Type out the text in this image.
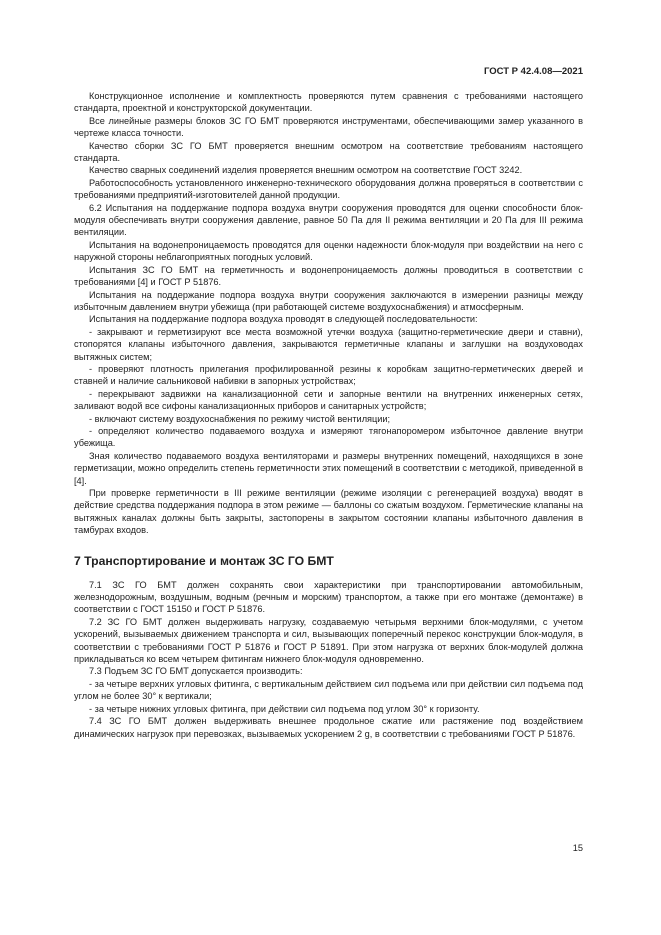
ГОСТ Р 42.4.08—2021

Конструкционное исполнение и комплектность проверяются путем сравнения с требованиями настоящего стандарта, проектной и конструкторской документации.

Все линейные размеры блоков ЗС ГО БМТ проверяются инструментами, обеспечивающими замер указанного в чертеже класса точности.

Качество сборки ЗС ГО БМТ проверяется внешним осмотром на соответствие требованиям настоящего стандарта.

Качество сварных соединений изделия проверяется внешним осмотром на соответствие ГОСТ 3242.

Работоспособность установленного инженерно-технического оборудования должна проверяться в соответствии с требованиями предприятий-изготовителей данной продукции.

6.2 Испытания на поддержание подпора воздуха внутри сооружения проводятся для оценки способности блок-модуля обеспечивать внутри сооружения давление, равное 50 Па для II режима вентиляции и 20 Па для III режима вентиляции.

Испытания на водонепроницаемость проводятся для оценки надежности блок-модуля при воздействии на него с наружной стороны неблагоприятных погодных условий.

Испытания ЗС ГО БМТ на герметичность и водонепроницаемость должны проводиться в соответствии с требованиями [4] и ГОСТ Р 51876.

Испытания на поддержание подпора воздуха внутри сооружения заключаются в измерении разницы между избыточным давлением внутри убежища (при работающей системе воздухоснабжения) и атмосферным.

Испытания на поддержание подпора воздуха проводят в следующей последовательности:

- закрывают и герметизируют все места возможной утечки воздуха (защитно-герметические двери и ставни), стопорятся клапаны избыточного давления, закрываются герметичные клапаны и заглушки на воздуховодах вытяжных систем;

- проверяют плотность прилегания профилированной резины к коробкам защитно-герметических дверей и ставней и наличие сальниковой набивки в запорных устройствах;

- перекрывают задвижки на канализационной сети и запорные вентили на внутренних инженерных сетях, заливают водой все сифоны канализационных приборов и санитарных устройств;

- включают систему воздухоснабжения по режиму чистой вентиляции;

- определяют количество подаваемого воздуха и измеряют тягонапоромером избыточное давление внутри убежища.

Зная количество подаваемого воздуха вентиляторами и размеры внутренних помещений, находящихся в зоне герметизации, можно определить степень герметичности этих помещений в соответствии с методикой, приведенной в [4].

При проверке герметичности в III режиме вентиляции (режиме изоляции с регенерацией воздуха) вводят в действие средства поддержания подпора в этом режиме — баллоны со сжатым воздухом. Герметические клапаны на вытяжных каналах должны быть закрыты, застопорены в закрытом состоянии клапаны избыточного давления в тамбурах входов.

7 Транспортирование и монтаж ЗС ГО БМТ

7.1 ЗС ГО БМТ должен сохранять свои характеристики при транспортировании автомобильным, железнодорожным, воздушным, водным (речным и морским) транспортом, а также при его монтаже (демонтаже) в соответствии с ГОСТ 15150 и ГОСТ Р 51876.

7.2 ЗС ГО БМТ должен выдерживать нагрузку, создаваемую четырьмя верхними блок-модулями, с учетом ускорений, вызываемых движением транспорта и сил, вызывающих поперечный перекос конструкции блок-модуля, в соответствии с требованиями ГОСТ Р 51876 и ГОСТ Р 51891. При этом нагрузка от верхних блок-модулей должна прикладываться ко всем четырем фитингам нижнего блок-модуля одновременно.

7.3 Подъем ЗС ГО БМТ допускается производить:

- за четыре верхних угловых фитинга, с вертикальным действием сил подъема или при действии сил подъема под углом не более 30° к вертикали;

- за четыре нижних угловых фитинга, при действии сил подъема под углом 30° к горизонту.

7.4 ЗС ГО БМТ должен выдерживать внешнее продольное сжатие или растяжение под воздействием динамических нагрузок при перевозках, вызываемых ускорением 2 g, в соответствии с требованиями ГОСТ Р 51876.

15
